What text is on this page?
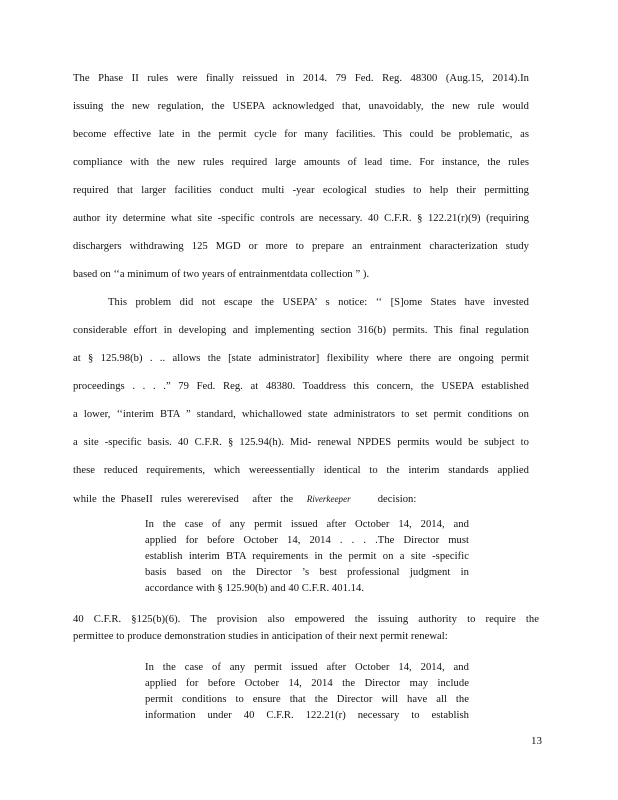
The Phase II rules were finally reissued in 2014. 79 Fed. Reg. 48300 (Aug.15, 2014).In
issuing the new regulation, the USEPA acknowledged that, unavoidably, the new rule would
become effective late in the permit cycle for many facilities. This could be problematic, as
compliance with the new rules required large amounts of lead time. For instance, the rules
required that larger facilities conduct multi -year ecological studies to help their permitting
author ity determine what site -specific controls are necessary. 40 C.F.R. § 122.21(r)(9) (requiring
dischargers withdrawing 125 MGD or more to prepare an entrainment characterization study
based on ‘‘a minimum of two years of entrainmentdata collection ” ).
This problem did not escape the USEPA’ s notice: ‘‘ [S]ome States have invested
considerable effort in developing and implementing section 316(b) permits. This final regulation
at § 125.98(b) . .. allows the [state administrator] flexibility where there are ongoing permit
proceedings . . . .” 79 Fed. Reg. at 48380. Toaddress this concern, the USEPA established
a lower, ‘‘interim BTA ” standard, whichallowed state administrators to set permit conditions on
a site -specific basis. 40 C.F.R. § 125.94(h). Mid- renewal NPDES permits would be subject to
these reduced requirements, which wereessentially identical to the interim standards applied
while  the  PhaseII   rules  wererevised     after   the Riverkeeper	decision:
In the case of any permit issued after October 14, 2014, and
applied for before October 14, 2014 . . . .The Director must
establish interim BTA requirements in the permit on a site -specific
basis based on the Director ’s best professional judgment in
accordance with § 125.90(b) and 40 C.F.R. 401.14.
40 C.F.R. §125(b)(6). The provision also empowered the issuing authority to require the
permittee to produce demonstration studies in anticipation of their next permit renewal:
In the case of any permit issued after October 14, 2014, and
applied for before October 14, 2014 the Director may include
permit conditions to ensure that the Director will have all the
information under 40 C.F.R. 122.21(r) necessary to establish
13
